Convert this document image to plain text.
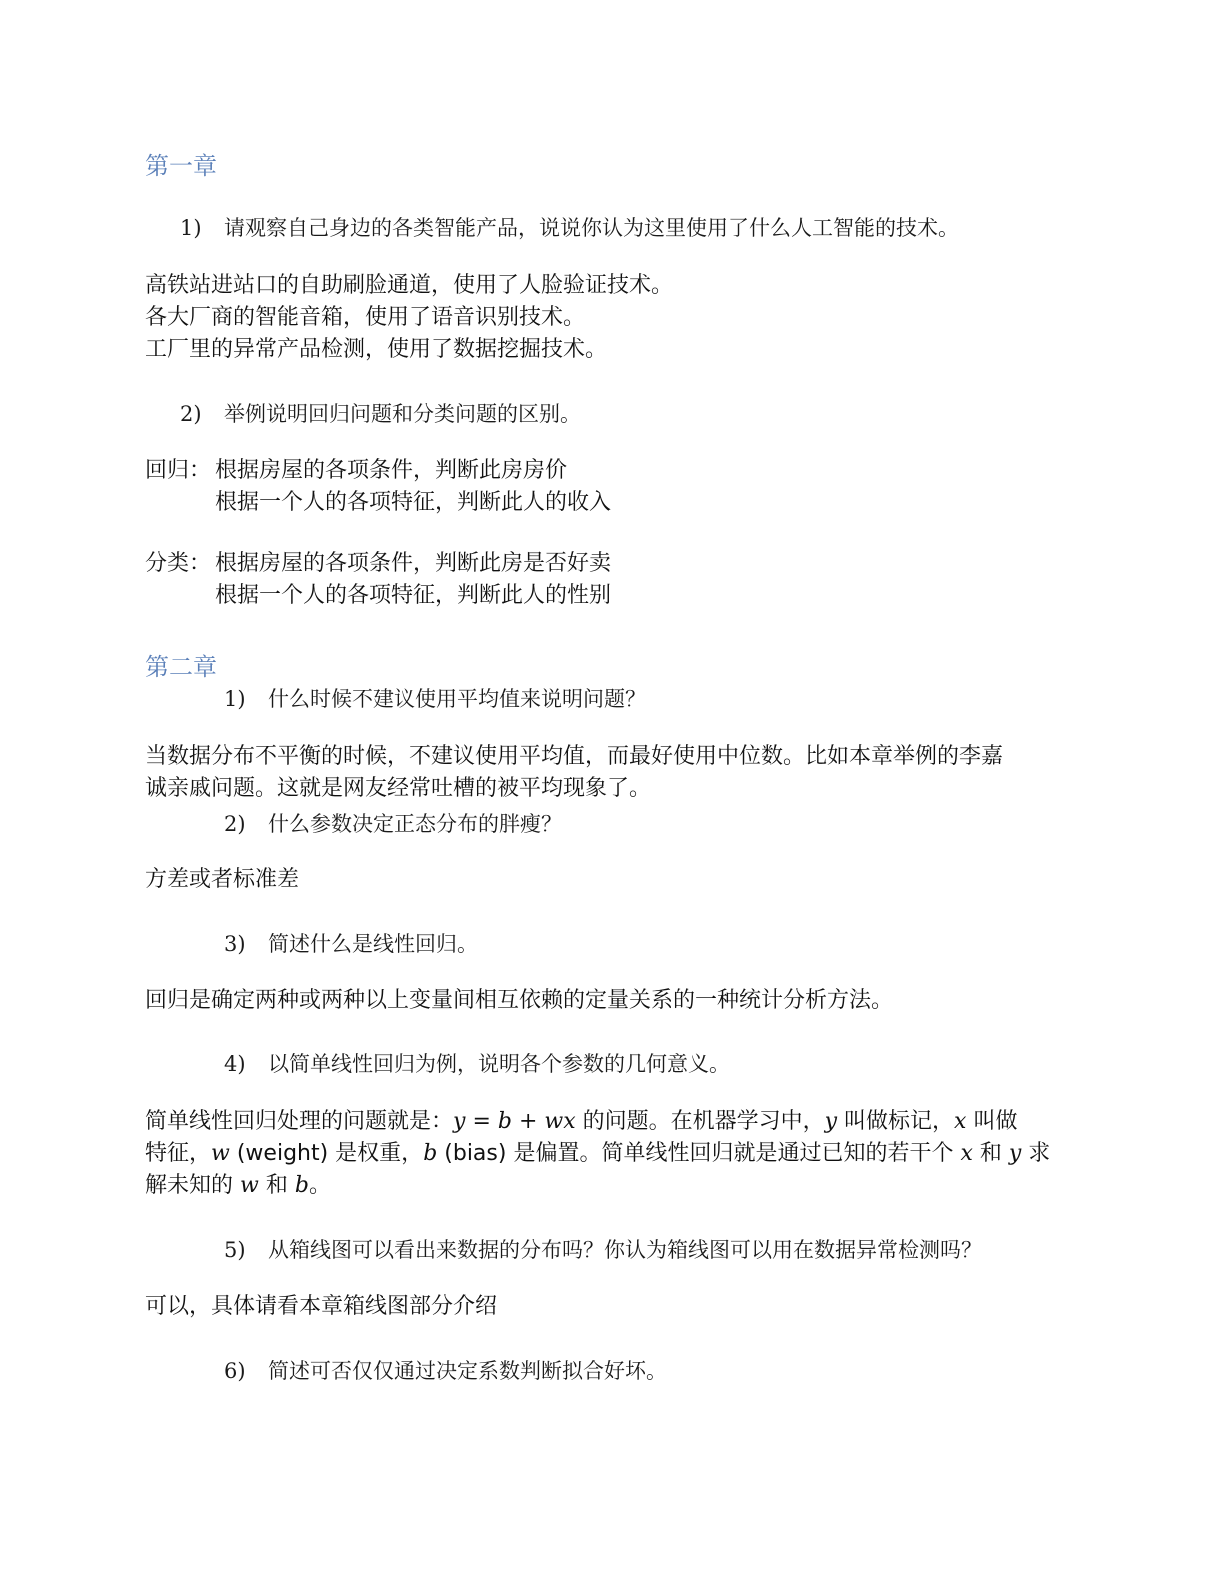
第一章
1) 请观察自己身边的各类智能产品，说说你认为这里使用了什么人工智能的技术。
高铁站进站口的自助刷脸通道，使用了人脸验证技术。
各大厂商的智能音箱，使用了语音识别技术。
工厂里的异常产品检测，使用了数据挖掘技术。
2) 举例说明回归问题和分类问题的区别。
回归： 根据房屋的各项条件，判断此房房价
根据一个人的各项特征，判断此人的收入
分类： 根据房屋的各项条件，判断此房是否好卖
根据一个人的各项特征，判断此人的性别
第二章
1) 什么时候不建议使用平均值来说明问题？
当数据分布不平衡的时候，不建议使用平均值，而最好使用中位数。比如本章举例的李嘉
诚亲戚问题。这就是网友经常吐槽的被平均现象了。
2) 什么参数决定正态分布的胖瘦？
方差或者标准差
3) 简述什么是线性回归。
回归是确定两种或两种以上变量间相互依赖的定量关系的一种统计分析方法。
4) 以简单线性回归为例，说明各个参数的几何意义。
简单线性回归处理的问题就是：y = b + wx 的问题。在机器学习中，y 叫做标记，x 叫做
特征，w (weight) 是权重，b (bias) 是偏置。简单线性回归就是通过已知的若干个 x 和 y 求
解未知的 w 和 b。
5) 从箱线图可以看出来数据的分布吗？你认为箱线图可以用在数据异常检测吗？
可以，具体请看本章箱线图部分介绍
6) 简述可否仅仅通过决定系数判断拟合好坏。
